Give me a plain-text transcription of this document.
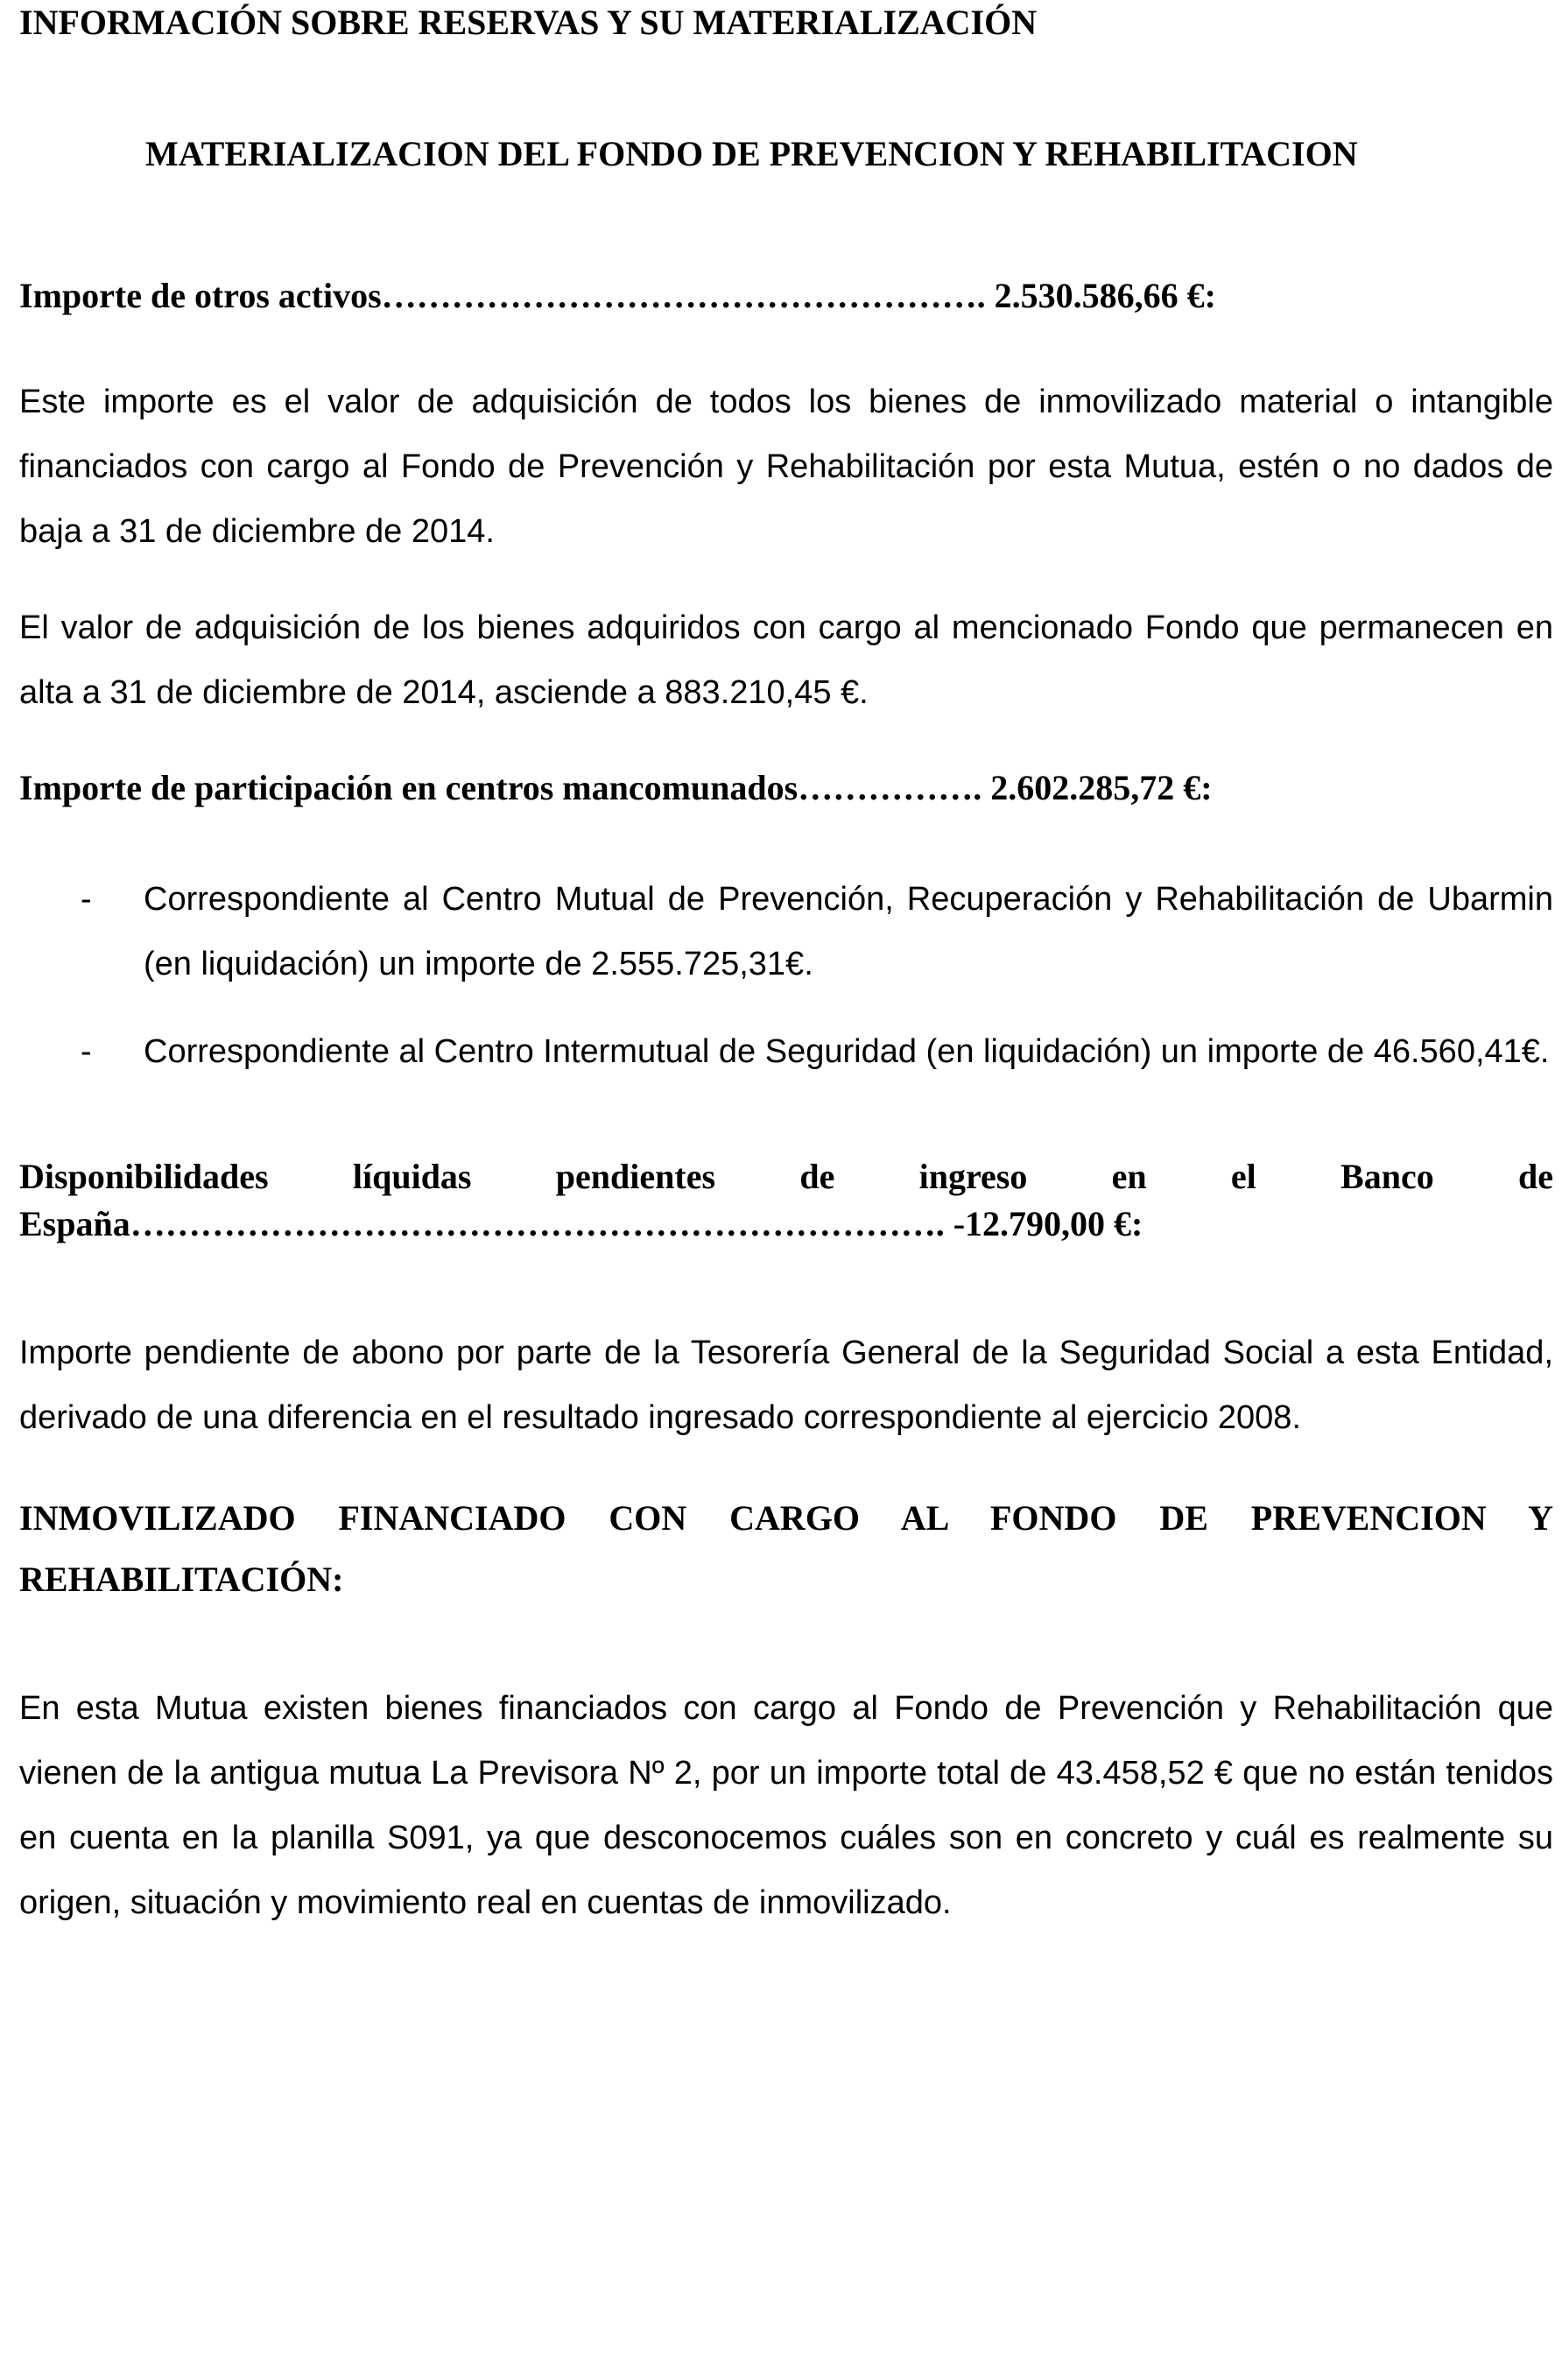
INFORMACIÓN SOBRE RESERVAS Y SU MATERIALIZACIÓN
MATERIALIZACION DEL FONDO DE PREVENCION Y REHABILITACION
Importe de otros activos……………………………………………. 2.530.586,66 €:

Este importe es el valor de adquisición de todos los bienes de inmovilizado material o intangible financiados con cargo al Fondo de Prevención y Rehabilitación por esta Mutua, estén o no dados de baja a 31 de diciembre de 2014.

El valor de adquisición de los bienes adquiridos con cargo al mencionado Fondo que permanecen en alta a 31 de diciembre de 2014, asciende a 883.210,45 €.

Importe de participación en centros mancomunados……………. 2.602.285,72 €:
- Correspondiente al Centro Mutual de Prevención, Recuperación y Rehabilitación de Ubarmin (en liquidación) un importe de 2.555.725,31€.
- Correspondiente al Centro Intermutual de Seguridad (en liquidación) un importe de 46.560,41€.
Disponibilidades líquidas pendientes de ingreso en el Banco de
España……………………………………………………………. -12.790,00 €:

Importe pendiente de abono por parte de la Tesorería General de la Seguridad Social a esta Entidad, derivado de una diferencia en el resultado ingresado correspondiente al ejercicio 2008.

INMOVILIZADO FINANCIADO CON CARGO AL FONDO DE PREVENCION Y
REHABILITACIÓN:

En esta Mutua existen bienes financiados con cargo al Fondo de Prevención y Rehabilitación que vienen de la antigua mutua La Previsora Nº 2, por un importe total de 43.458,52 € que no están tenidos en cuenta en la planilla S091, ya que desconocemos cuáles son en concreto y cuál es realmente su origen, situación y movimiento real en cuentas de inmovilizado.
